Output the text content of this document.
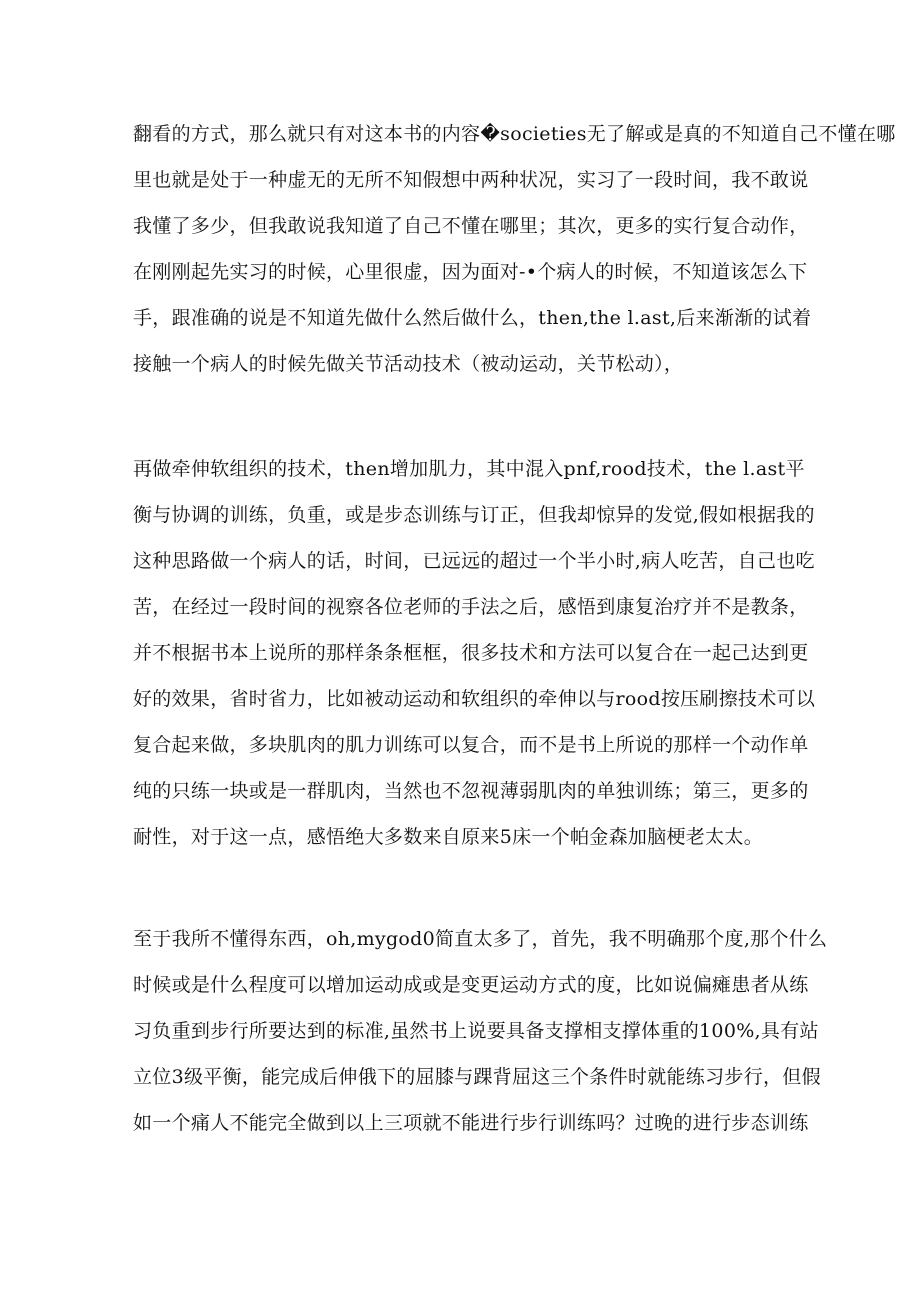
翻看的方式，那么就只有对这本书的内容�societies无了解或是真的不知道自己不懂在哪
里也就是处于一种虚无的无所不知假想中两种状况，实习了一段时间，我不敢说
我懂了多少，但我敢说我知道了自己不懂在哪里；其次，更多的实行复合动作，
在刚刚起先实习的时候，心里很虚，因为面对-•个病人的时候，不知道该怎么下
手，跟准确的说是不知道先做什么然后做什么，then,the l.ast,后来渐渐的试着
接触一个病人的时候先做关节活动技术（被动运动，关节松动），
再做牵伸软组织的技术，then增加肌力，其中混入pnf,rood技术，the l.ast平
衡与协调的训练，负重，或是步态训练与订正，但我却惊异的发觉,假如根据我的
这种思路做一个病人的话，时间，已远远的超过一个半小时,病人吃苦，自己也吃
苦，在经过一段时间的视察各位老师的手法之后，感悟到康复治疗并不是教条，
并不根据书本上说所的那样条条框框，很多技术和方法可以复合在一起己达到更
好的效果，省时省力，比如被动运动和软组织的牵伸以与rood按压刷擦技术可以
复合起来做，多块肌肉的肌力训练可以复合，而不是书上所说的那样一个动作单
纯的只练一块或是一群肌肉，当然也不忽视薄弱肌肉的单独训练；第三，更多的
耐性，对于这一点，感悟绝大多数来自原来5床一个帕金森加脑梗老太太。
至于我所不懂得东西，oh,mygod0简直太多了，首先，我不明确那个度,那个什么
时候或是什么程度可以增加运动成或是变更运动方式的度，比如说偏瘫患者从练
习负重到步行所要达到的标准,虽然书上说要具备支撑相支撑体重的100%,具有站
立位3级平衡，能完成后伸俄下的屈膝与踝背屈这三个条件时就能练习步行，但假
如一个痛人不能完全做到以上三项就不能进行步行训练吗？过晚的进行步态训练
